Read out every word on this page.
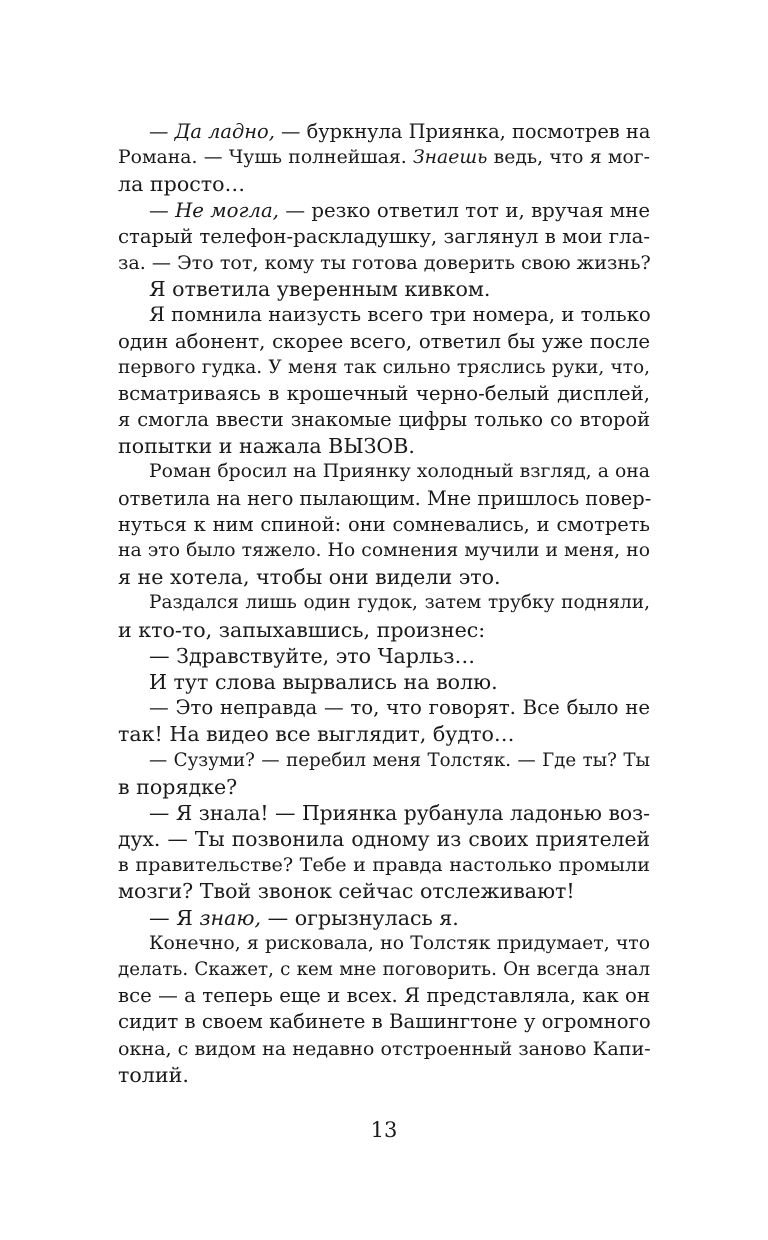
— Да ладно, — буркнула Приянка, посмотрев на
Романа. — Чушь полнейшая. Знаешь ведь, что я мог-
ла просто…
— Не могла, — резко ответил тот и, вручая мне
старый телефон-раскладушку, заглянул в мои гла-
за. — Это тот, кому ты готова доверить свою жизнь?
Я ответила уверенным кивком.
Я помнила наизусть всего три номера, и только
один абонент, скорее всего, ответил бы уже после
первого гудка. У меня так сильно тряслись руки, что,
всматриваясь в крошечный черно-белый дисплей,
я смогла ввести знакомые цифры только со второй
попытки и нажала ВЫЗОВ.
Роман бросил на Приянку холодный взгляд, а она
ответила на него пылающим. Мне пришлось повер-
нуться к ним спиной: они сомневались, и смотреть
на это было тяжело. Но сомнения мучили и меня, но
я не хотела, чтобы они видели это.
Раздался лишь один гудок, затем трубку подняли,
и кто-то, запыхавшись, произнес:
— Здравствуйте, это Чарльз…
И тут слова вырвались на волю.
— Это неправда — то, что говорят. Все было не
так! На видео все выглядит, будто…
— Сузуми? — перебил меня Толстяк. — Где ты? Ты
в порядке?
— Я знала! — Приянка рубанула ладонью воз-
дух. — Ты позвонила одному из своих приятелей
в правительстве? Тебе и правда настолько промыли
мозги? Твой звонок сейчас отслеживают!
— Я знаю, — огрызнулась я.
Конечно, я рисковала, но Толстяк придумает, что
делать. Скажет, с кем мне поговорить. Он всегда знал
все — а теперь еще и всех. Я представляла, как он
сидит в своем кабинете в Вашингтоне у огромного
окна, с видом на недавно отстроенный заново Капи-
толий.
13
